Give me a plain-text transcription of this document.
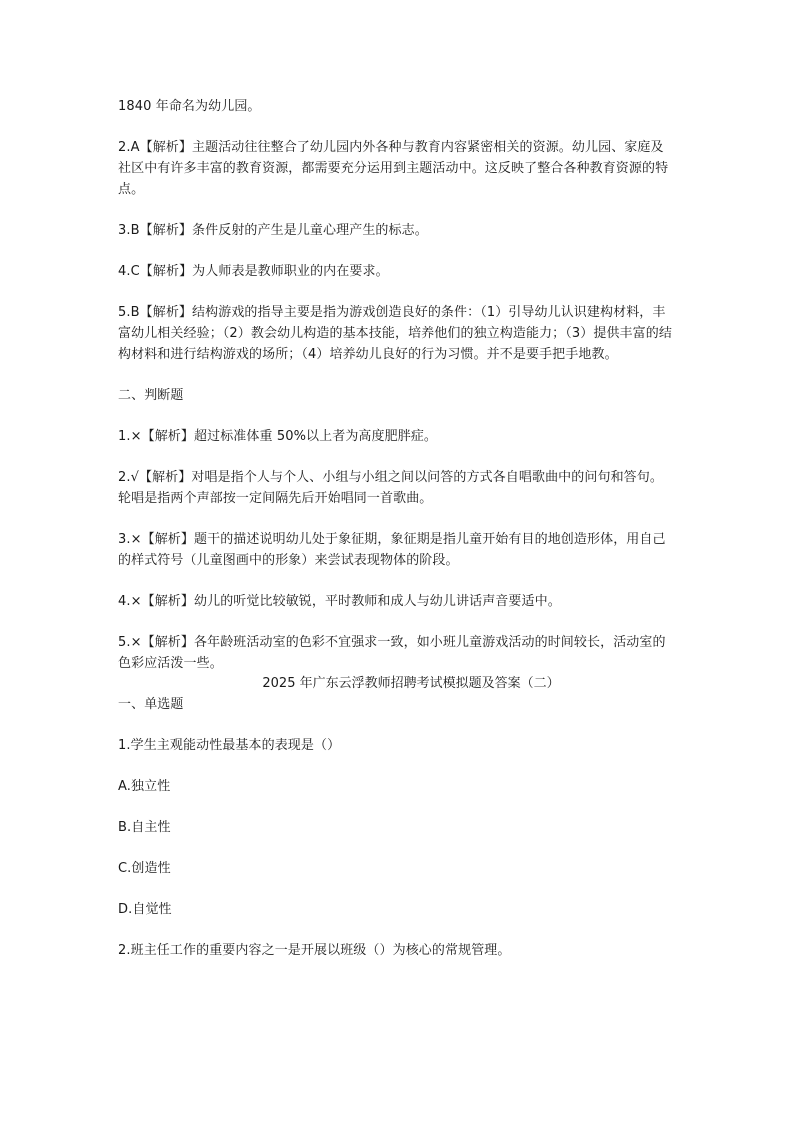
1840 年命名为幼儿园。

2.A【解析】主题活动往往整合了幼儿园内外各种与教育内容紧密相关的资源。幼儿园、家庭及社区中有许多丰富的教育资源，都需要充分运用到主题活动中。这反映了整合各种教育资源的特点。

3.B【解析】条件反射的产生是儿童心理产生的标志。

4.C【解析】为人师表是教师职业的内在要求。

5.B【解析】结构游戏的指导主要是指为游戏创造良好的条件：（1）引导幼儿认识建构材料，丰富幼儿相关经验；（2）教会幼儿构造的基本技能，培养他们的独立构造能力；（3）提供丰富的结构材料和进行结构游戏的场所；（4）培养幼儿良好的行为习惯。并不是要手把手地教。

二、判断题

1.×【解析】超过标准体重 50%以上者为高度肥胖症。

2.√【解析】对唱是指个人与个人、小组与小组之间以问答的方式各自唱歌曲中的问句和答句。轮唱是指两个声部按一定间隔先后开始唱同一首歌曲。

3.×【解析】题干的描述说明幼儿处于象征期，象征期是指儿童开始有目的地创造形体，用自己的样式符号（儿童图画中的形象）来尝试表现物体的阶段。

4.×【解析】幼儿的听觉比较敏锐，平时教师和成人与幼儿讲话声音要适中。

5.×【解析】各年龄班活动室的色彩不宜强求一致，如小班儿童游戏活动的时间较长，活动室的色彩应活泼一些。

2025 年广东云浮教师招聘考试模拟题及答案（二）

一、单选题

1.学生主观能动性最基本的表现是（）

A.独立性

B.自主性

C.创造性

D.自觉性

2.班主任工作的重要内容之一是开展以班级（）为核心的常规管理。
